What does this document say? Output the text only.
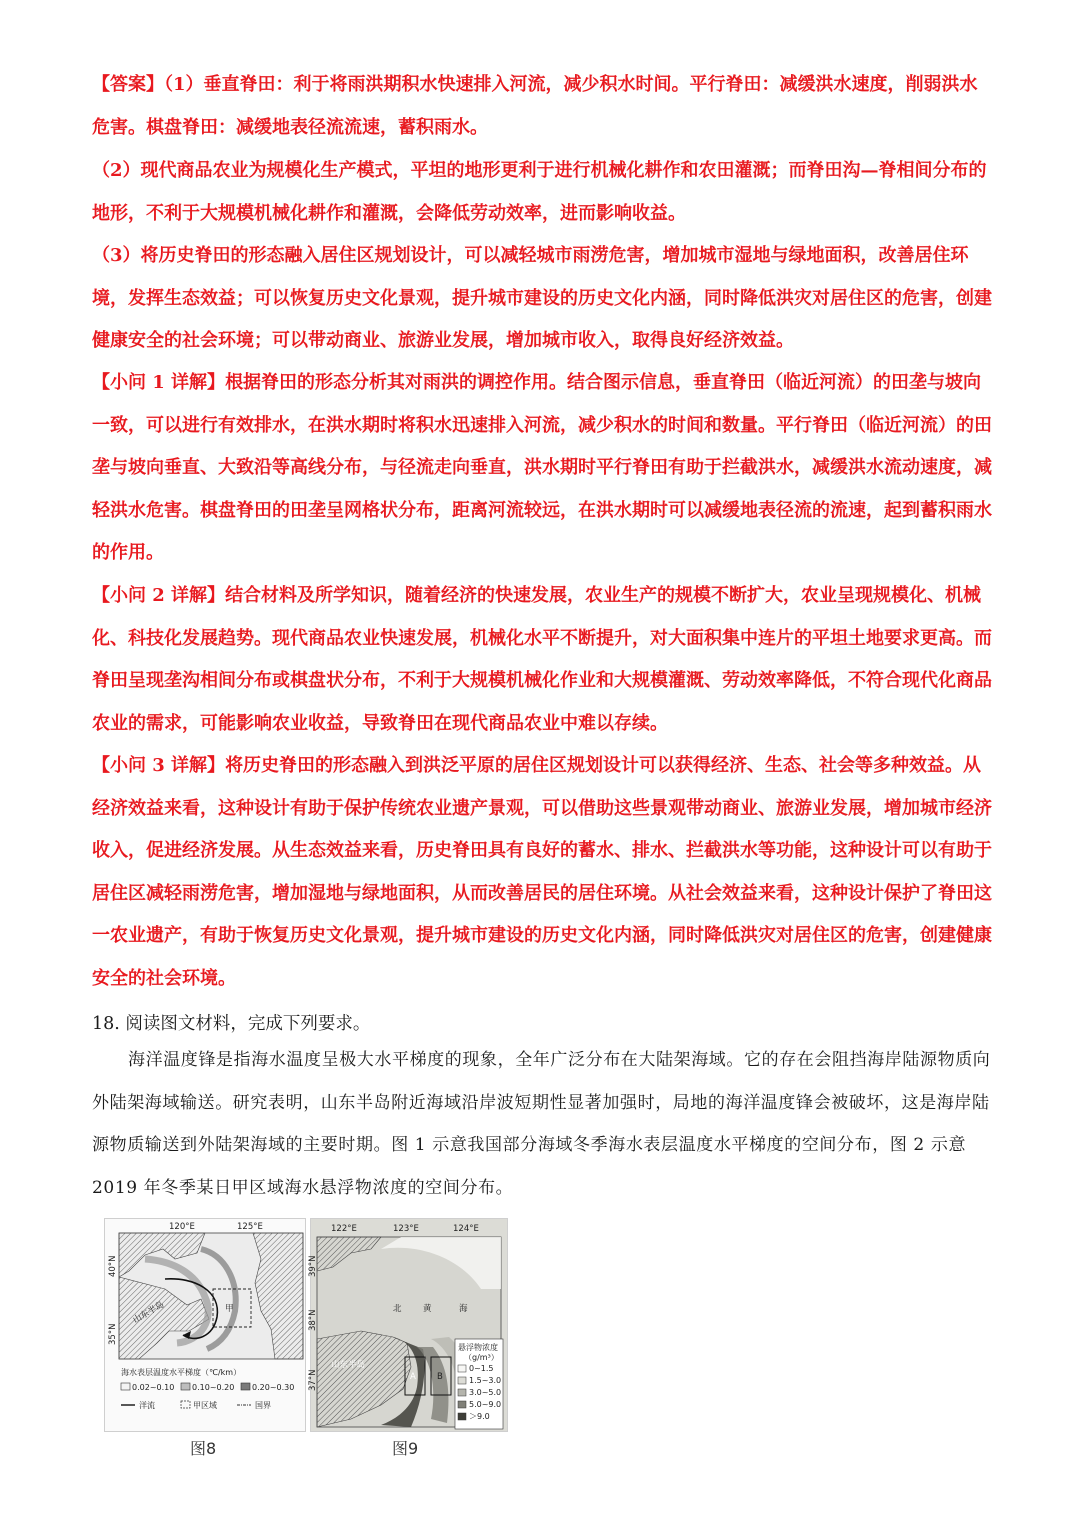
【答案】（1）垂直脊田：利于将雨洪期积水快速排入河流，减少积水时间。平行脊田：减缓洪水速度，削弱洪水危害。棋盘脊田：减缓地表径流流速，蓄积雨水。

（2）现代商品农业为规模化生产模式，平坦的地形更利于进行机械化耕作和农田灌溉；而脊田沟—脊相间分布的地形，不利于大规模机械化耕作和灌溉，会降低劳动效率，进而影响收益。

（3）将历史脊田的形态融入居住区规划设计，可以减轻城市雨涝危害，增加城市湿地与绿地面积，改善居住环境，发挥生态效益；可以恢复历史文化景观，提升城市建设的历史文化内涵，同时降低洪灾对居住区的危害，创建健康安全的社会环境；可以带动商业、旅游业发展，增加城市收入，取得良好经济效益。

【小问 1 详解】根据脊田的形态分析其对雨洪的调控作用。结合图示信息，垂直脊田（临近河流）的田垄与坡向一致，可以进行有效排水，在洪水期时将积水迅速排入河流，减少积水的时间和数量。平行脊田（临近河流）的田垄与坡向垂直、大致沿等高线分布，与径流走向垂直，洪水期时平行脊田有助于拦截洪水，减缓洪水流动速度，减轻洪水危害。棋盘脊田的田垄呈网格状分布，距离河流较远，在洪水期时可以减缓地表径流的流速，起到蓄积雨水的作用。

【小问 2 详解】结合材料及所学知识，随着经济的快速发展，农业生产的规模不断扩大，农业呈现规模化、机械化、科技化发展趋势。现代商品农业快速发展，机械化水平不断提升，对大面积集中连片的平坦土地要求更高。而脊田呈现垄沟相间分布或棋盘状分布，不利于大规模机械化作业和大规模灌溉、劳动效率降低，不符合现代化商品农业的需求，可能影响农业收益，导致脊田在现代商品农业中难以存续。

【小问 3 详解】将历史脊田的形态融入到洪泛平原的居住区规划设计可以获得经济、生态、社会等多种效益。从经济效益来看，这种设计有助于保护传统农业遗产景观，可以借助这些景观带动商业、旅游业发展，增加城市经济收入，促进经济发展。从生态效益来看，历史脊田具有良好的蓄水、排水、拦截洪水等功能，这种设计可以有助于居住区减轻雨涝危害，增加湿地与绿地面积，从而改善居民的居住环境。从社会效益来看，这种设计保护了脊田这一农业遗产，有助于恢复历史文化景观，提升城市建设的历史文化内涵，同时降低洪灾对居住区的危害，创建健康安全的社会环境。

18. 阅读图文材料，完成下列要求。

海洋温度锋是指海水温度呈极大水平梯度的现象，全年广泛分布在大陆架海域。它的存在会阻挡海岸陆源物质向外陆架海域输送。研究表明，山东半岛附近海域沿岸波短期性显著加强时，局地的海洋温度锋会被破坏，这是海岸陆源物质输送到外陆架海域的主要时期。图 1 示意我国部分海域冬季海水表层温度水平梯度的空间分布，图 2 示意 2019 年冬季某日甲区域海水悬浮物浓度的空间分布。

甲
山东半岛
120°E	125°E
40°N
35°N
海水表层温度水平梯度（℃/km）
0.02~0.10 0.10~0.20 0.20~0.30
洋流	甲区域	国界
图8
A B
山东半岛
北	黄	海
122°E	123°E	124°E
39°N
38°N
37°N
悬浮物浓度
（g/m³）
0~1.5
1.5~3.0
3.0~5.0
5.0~9.0
＞9.0
图9
